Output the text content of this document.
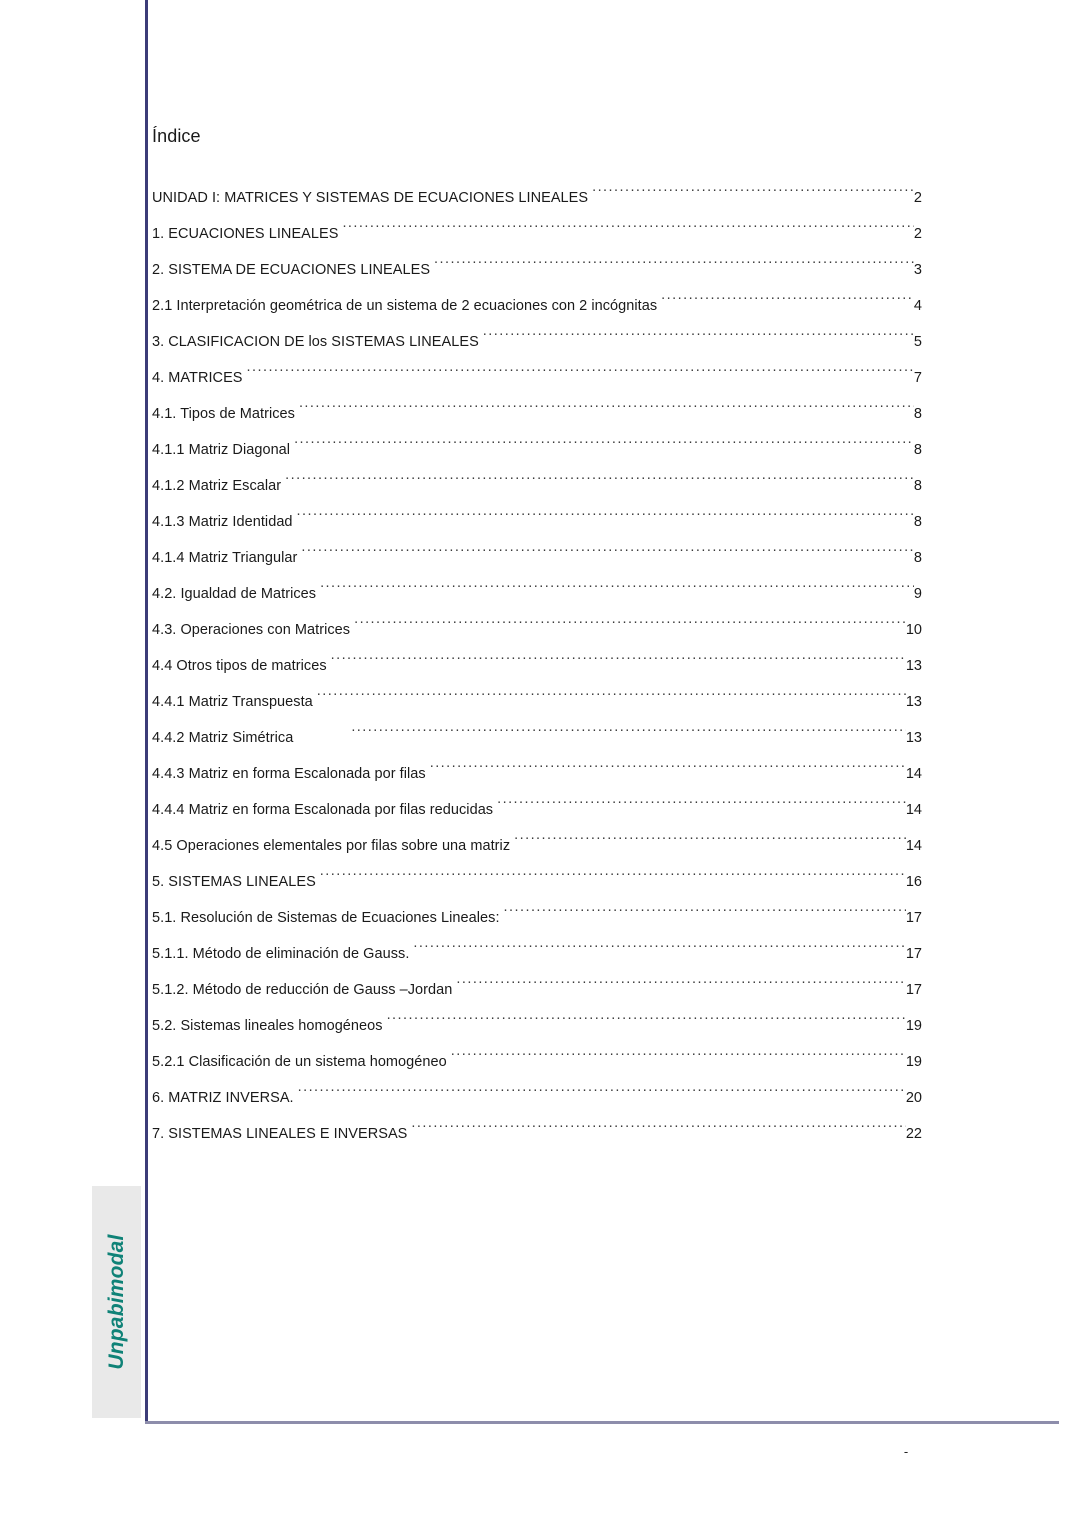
Unpabimodal
Índice
UNIDAD I: MATRICES Y SISTEMAS DE ECUACIONES LINEALES .....	2
1. ECUACIONES LINEALES .....	2
2. SISTEMA DE ECUACIONES LINEALES .....	3
2.1 Interpretación geométrica de un sistema de 2 ecuaciones con 2 incógnitas .....	4
3. CLASIFICACION DE los SISTEMAS LINEALES .....	5
4. MATRICES .....	7
4.1. Tipos de Matrices .....	8
4.1.1 Matriz Diagonal .....	8
4.1.2 Matriz Escalar .....	8
4.1.3 Matriz Identidad .....	8
4.1.4 Matriz Triangular .....	8
4.2. Igualdad de Matrices .....	9
4.3. Operaciones con Matrices .....	10
4.4 Otros tipos de matrices .....	13
4.4.1 Matriz Transpuesta .....	13
4.4.2 Matriz Simétrica .....	13
4.4.3 Matriz en forma Escalonada por filas .....	14
4.4.4 Matriz en forma Escalonada por filas reducidas .....	14
4.5 Operaciones elementales por filas sobre una matriz .....	14
5. SISTEMAS LINEALES .....	16
5.1. Resolución de Sistemas de Ecuaciones Lineales: .....	17
5.1.1. Método de eliminación de Gauss. .....	17
5.1.2. Método de reducción de Gauss –Jordan .....	17
5.2. Sistemas lineales homogéneos .....	19
5.2.1 Clasificación de un sistema homogéneo .....	19
6. MATRIZ INVERSA. .....	20
7. SISTEMAS LINEALES E INVERSAS .....	22
-
